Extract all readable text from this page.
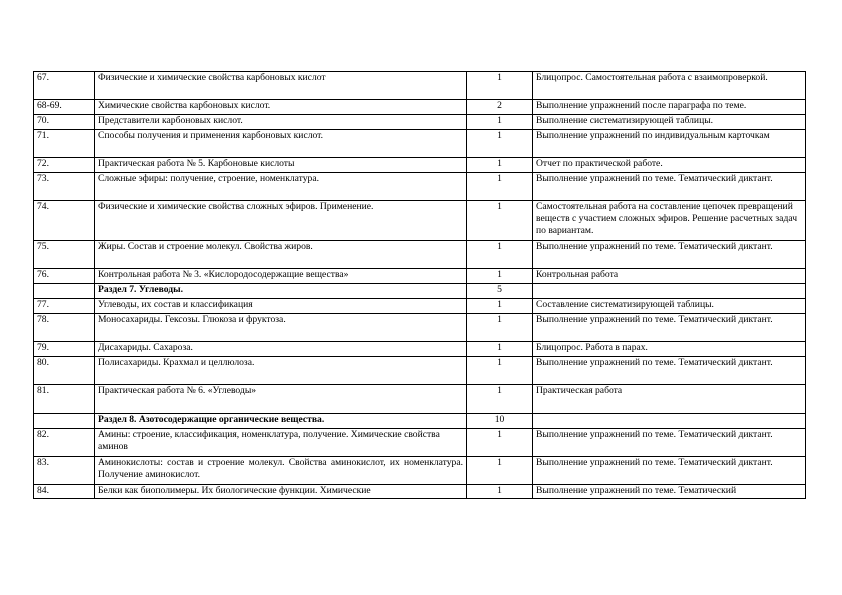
67.	Физические и химические свойства карбоновых кислот	1	Блицопрос. Самостоятельная работа с взаимопроверкой.
68-69.	Химические свойства карбоновых кислот.	2	Выполнение упражнений после параграфа по теме.
70.	Представители карбоновых кислот.	1	Выполнение систематизирующей таблицы.
71.	Способы получения и применения карбоновых кислот.	1	Выполнение упражнений по индивидуальным карточкам
72.	Практическая работа № 5. Карбоновые кислоты	1	Отчет по практической работе.
73.	Сложные эфиры: получение, строение, номенклатура.	1	Выполнение упражнений по теме. Тематический диктант.
74.	Физические и химические свойства сложных эфиров. Применение.	1	Самостоятельная работа на составление цепочек превращений веществ с участием сложных эфиров. Решение расчетных задач по вариантам.
75.	Жиры. Состав и строение молекул. Свойства жиров.	1	Выполнение упражнений по теме. Тематический диктант.
76.	Контрольная работа № 3. «Кислородосодержащие вещества»	1	Контрольная работа
	Раздел 7. Углеводы.	5	
77.	Углеводы, их состав и классификация	1	Составление систематизирующей таблицы.
78.	Моносахариды. Гексозы. Глюкоза и фруктоза.	1	Выполнение упражнений по теме. Тематический диктант.
79.	Дисахариды. Сахароза.	1	Блицопрос. Работа в парах.
80.	Полисахариды. Крахмал и целлюлоза.	1	Выполнение упражнений по теме. Тематический диктант.
81.	Практическая работа № 6. «Углеводы»	1	Практическая работа
	Раздел 8. Азотосодержащие органические вещества.	10	
82.	Амины: строение, классификация, номенклатура, получение. Химические свойства аминов	1	Выполнение упражнений по теме. Тематический диктант.
83.	Аминокислоты: состав и строение молекул. Свойства аминокислот, их номенклатура. Получение аминокислот.	1	Выполнение упражнений по теме. Тематический диктант.
84.	Белки как биополимеры. Их биологические функции. Химические	1	Выполнение упражнений по теме. Тематический
